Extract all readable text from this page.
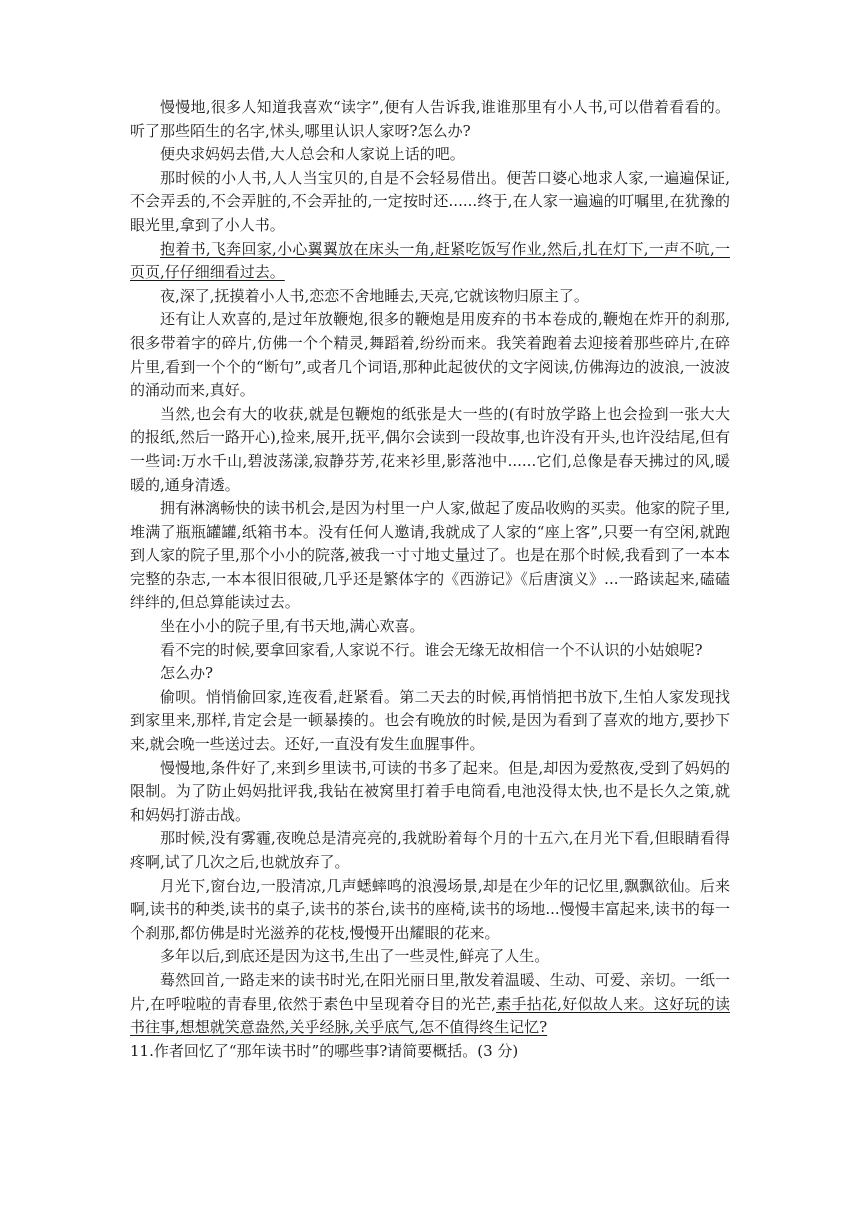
慢慢地,很多人知道我喜欢“读字”,便有人告诉我,谁谁那里有小人书,可以借着看看的。听了那些陌生的名字,怵头,哪里认识人家呀?怎么办?

便央求妈妈去借,大人总会和人家说上话的吧。

那时候的小人书,人人当宝贝的,自是不会轻易借出。便苦口婆心地求人家,一遍遍保证,不会弄丢的,不会弄脏的,不会弄扯的,一定按时还......终于,在人家一遍遍的叮嘱里,在犹豫的眼光里,拿到了小人书。

抱着书,飞奔回家,小心翼翼放在床头一角,赶紧吃饭写作业,然后,扎在灯下,一声不吭,一页页,仔仔细细看过去。

夜,深了,抚摸着小人书,恋恋不舍地睡去,天亮,它就该物归原主了。

还有让人欢喜的,是过年放鞭炮,很多的鞭炮是用废弃的书本卷成的,鞭炮在炸开的刹那,很多带着字的碎片,仿佛一个个精灵,舞蹈着,纷纷而来。我笑着跑着去迎接着那些碎片,在碎片里,看到一个个的“断句”,或者几个词语,那种此起彼伏的文字阅读,仿佛海边的波浪,一波波的涌动而来,真好。

当然,也会有大的收获,就是包鞭炮的纸张是大一些的(有时放学路上也会捡到一张大大的报纸,然后一路开心),捡来,展开,抚平,偶尔会读到一段故事,也许没有开头,也许没结尾,但有一些词:万水千山,碧波荡漾,寂静芬芳,花来衫里,影落池中......它们,总像是春天拂过的风,暖暖的,通身清透。

拥有淋漓畅快的读书机会,是因为村里一户人家,做起了废品收购的买卖。他家的院子里,堆满了瓶瓶罐罐,纸箱书本。没有任何人邀请,我就成了人家的“座上客”,只要一有空闲,就跑到人家的院子里,那个小小的院落,被我一寸寸地丈量过了。也是在那个时候,我看到了一本本完整的杂志,一本本很旧很破,几乎还是繁体字的《西游记》《后唐演义》...一路读起来,磕磕绊绊的,但总算能读过去。

坐在小小的院子里,有书天地,满心欢喜。

看不完的时候,要拿回家看,人家说不行。谁会无缘无故相信一个不认识的小姑娘呢?

怎么办?

偷呗。悄悄偷回家,连夜看,赶紧看。第二天去的时候,再悄悄把书放下,生怕人家发现找到家里来,那样,肯定会是一顿暴揍的。也会有晚放的时候,是因为看到了喜欢的地方,要抄下来,就会晚一些送过去。还好,一直没有发生血腥事件。

慢慢地,条件好了,来到乡里读书,可读的书多了起来。但是,却因为爱熬夜,受到了妈妈的限制。为了防止妈妈批评我,我钻在被窝里打着手电筒看,电池没得太快,也不是长久之策,就和妈妈打游击战。

那时候,没有雾霾,夜晚总是清亮亮的,我就盼着每个月的十五六,在月光下看,但眼睛看得疼啊,试了几次之后,也就放弃了。

月光下,窗台边,一股清凉,几声蟋蟀鸣的浪漫场景,却是在少年的记忆里,飘飘欲仙。后来啊,读书的种类,读书的桌子,读书的茶台,读书的座椅,读书的场地...慢慢丰富起来,读书的每一个刹那,都仿佛是时光滋养的花枝,慢慢开出耀眼的花来。

多年以后,到底还是因为这书,生出了一些灵性,鲜亮了人生。

蓦然回首,一路走来的读书时光,在阳光丽日里,散发着温暖、生动、可爱、亲切。一纸一片,在呼啦啦的青春里,依然于素色中呈现着夺目的光芒,素手拈花,好似故人来。这好玩的读书往事,想想就笑意盎然,关乎经脉,关乎底气,怎不值得终生记忆?

11.作者回忆了“那年读书时”的哪些事?请简要概括。(3 分)
